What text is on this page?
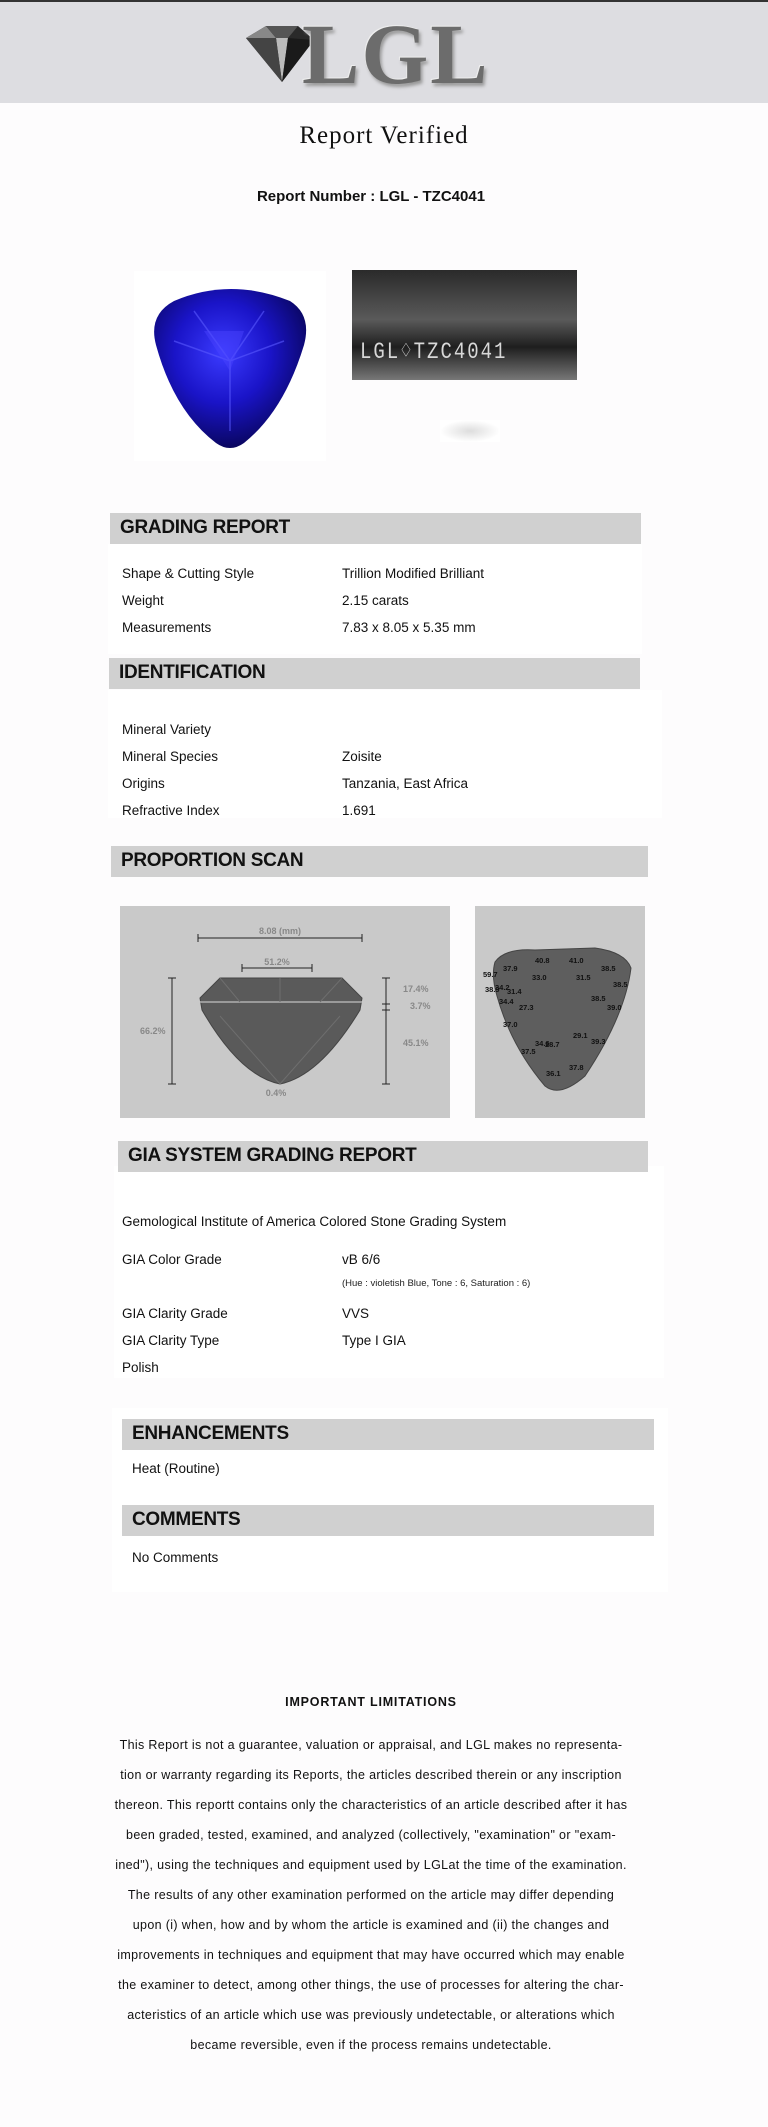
LGL
Report Verified
Report Number : LGL - TZC4041
LGL♢TZC4041
GRADING REPORT
Shape & Cutting Style	Trillion Modified Brilliant
Weight	2.15 carats
Measurements	7.83 x 8.05 x 5.35 mm
IDENTIFICATION
Mineral Variety
Mineral Species	Zoisite
Origins	Tanzania, East Africa
Refractive Index	1.691
PROPORTION SCAN
8.08 (mm)
51.2%
66.2%
17.4%
3.7%
45.1%
0.4%
40.8	41.0
37.9	38.5
59.7	33.0	31.5
38.5
38.9
34.2
31.4
38.5
34.4
27.3	39.0
37.0
29.1
39.3
34.6
28.7
37.5
37.8
36.1
GIA SYSTEM GRADING REPORT
Gemological Institute of America Colored Stone Grading System
GIA Color Grade	vB 6/6
(Hue : violetish Blue, Tone : 6, Saturation : 6)
GIA Clarity Grade	VVS
GIA Clarity Type	Type I GIA
Polish
ENHANCEMENTS
Heat (Routine)
COMMENTS
No Comments
IMPORTANT LIMITATIONS
This Report is not a guarantee, valuation or appraisal, and LGL makes no representa-
tion or warranty regarding its Reports, the articles described therein or any inscription
thereon. This reportt contains only the characteristics of an article described after it has
been graded, tested, examined, and analyzed (collectively, "examination" or "exam-
ined"), using the techniques and equipment used by LGLat the time of the examination.
The results of any other examination performed on the article may differ depending
upon (i) when, how and by whom the article is examined and (ii) the changes and
improvements in techniques and equipment that may have occurred which may enable
the examiner to detect, among other things, the use of processes for altering the char-
acteristics of an article which use was previously undetectable, or alterations which
became reversible, even if the process remains undetectable.
